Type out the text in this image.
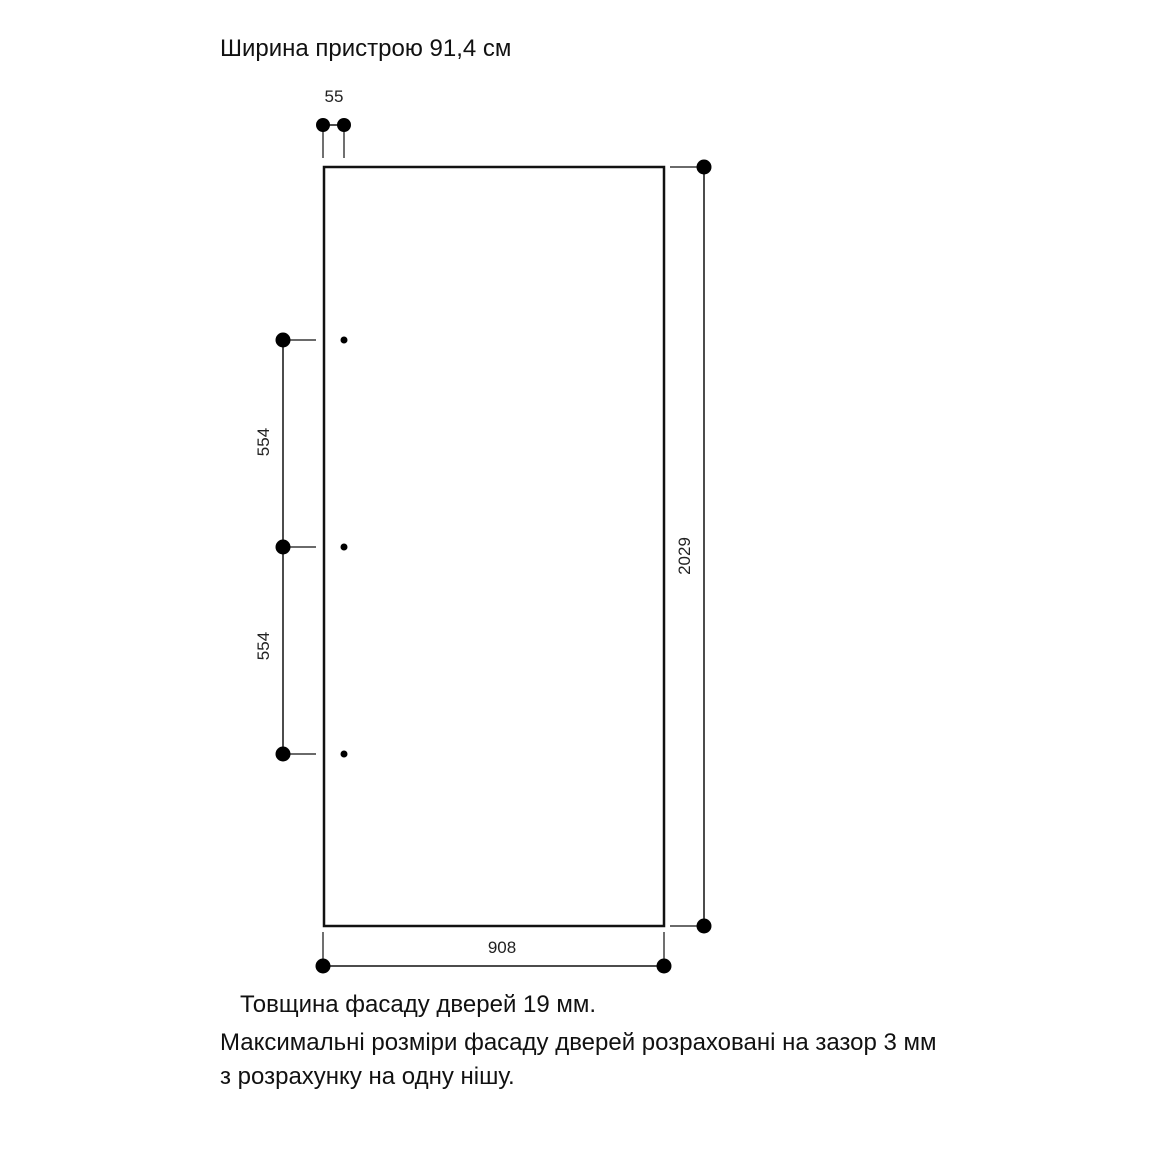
Ширина пристрою 91,4 см
55
554
554
2029
908
Товщина фасаду дверей 19 мм.
Максимальні розміри фасаду дверей розраховані на зазор 3 мм
з розрахунку на одну нішу.
